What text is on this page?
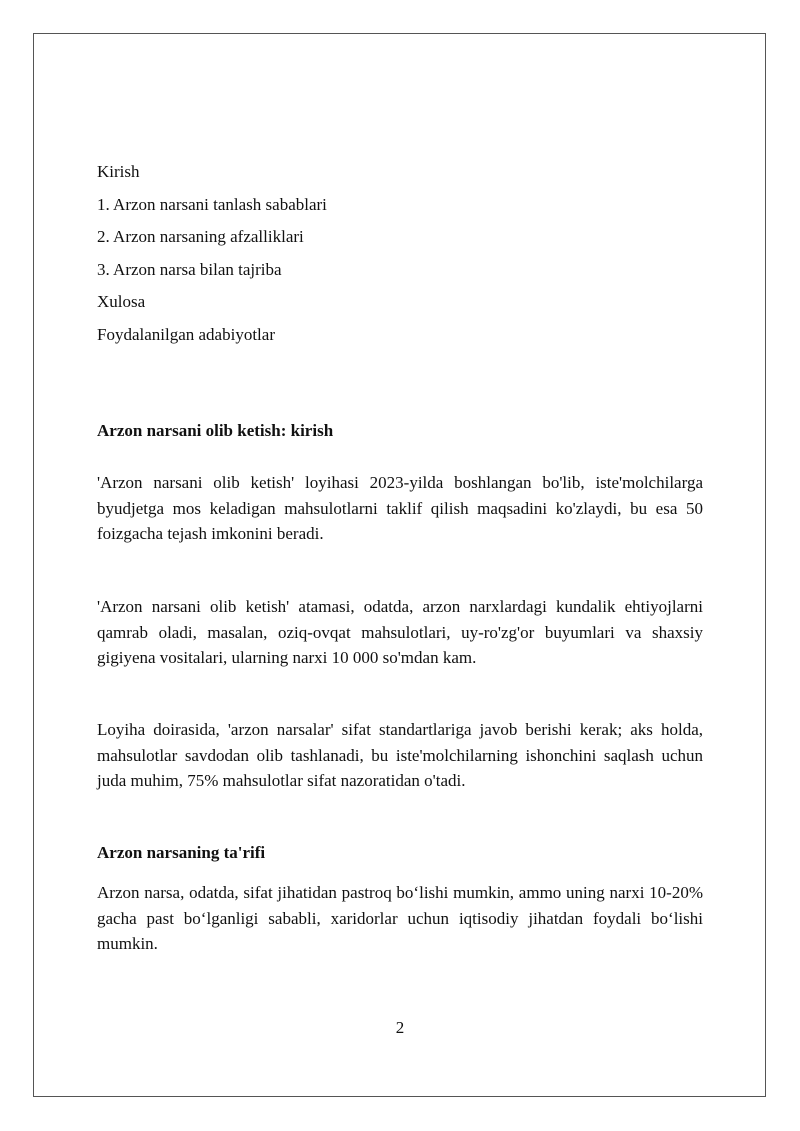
Kirish

1. Arzon narsani tanlash sabablari

2. Arzon narsaning afzalliklari

3. Arzon narsa bilan tajriba

Xulosa

Foydalanilgan adabiyotlar

Arzon narsani olib ketish: kirish

'Arzon narsani olib ketish' loyihasi 2023-yilda boshlangan bo'lib, iste'molchilarga byudjetga mos keladigan mahsulotlarni taklif qilish maqsadini ko'zlaydi, bu esa 50 foizgacha tejash imkonini beradi.

'Arzon narsani olib ketish' atamasi, odatda, arzon narxlardagi kundalik ehtiyojlarni qamrab oladi, masalan, oziq-ovqat mahsulotlari, uy-ro'zg'or buyumlari va shaxsiy gigiyena vositalari, ularning narxi 10 000 so'mdan kam.

Loyiha doirasida, 'arzon narsalar' sifat standartlariga javob berishi kerak; aks holda, mahsulotlar savdodan olib tashlanadi, bu iste'molchilarning ishonchini saqlash uchun juda muhim, 75% mahsulotlar sifat nazoratidan o'tadi.

Arzon narsaning ta'rifi

Arzon narsa, odatda, sifat jihatidan pastroq bo‘lishi mumkin, ammo uning narxi 10-20% gacha past bo‘lganligi sababli, xaridorlar uchun iqtisodiy jihatdan foydali bo‘lishi mumkin.

2
